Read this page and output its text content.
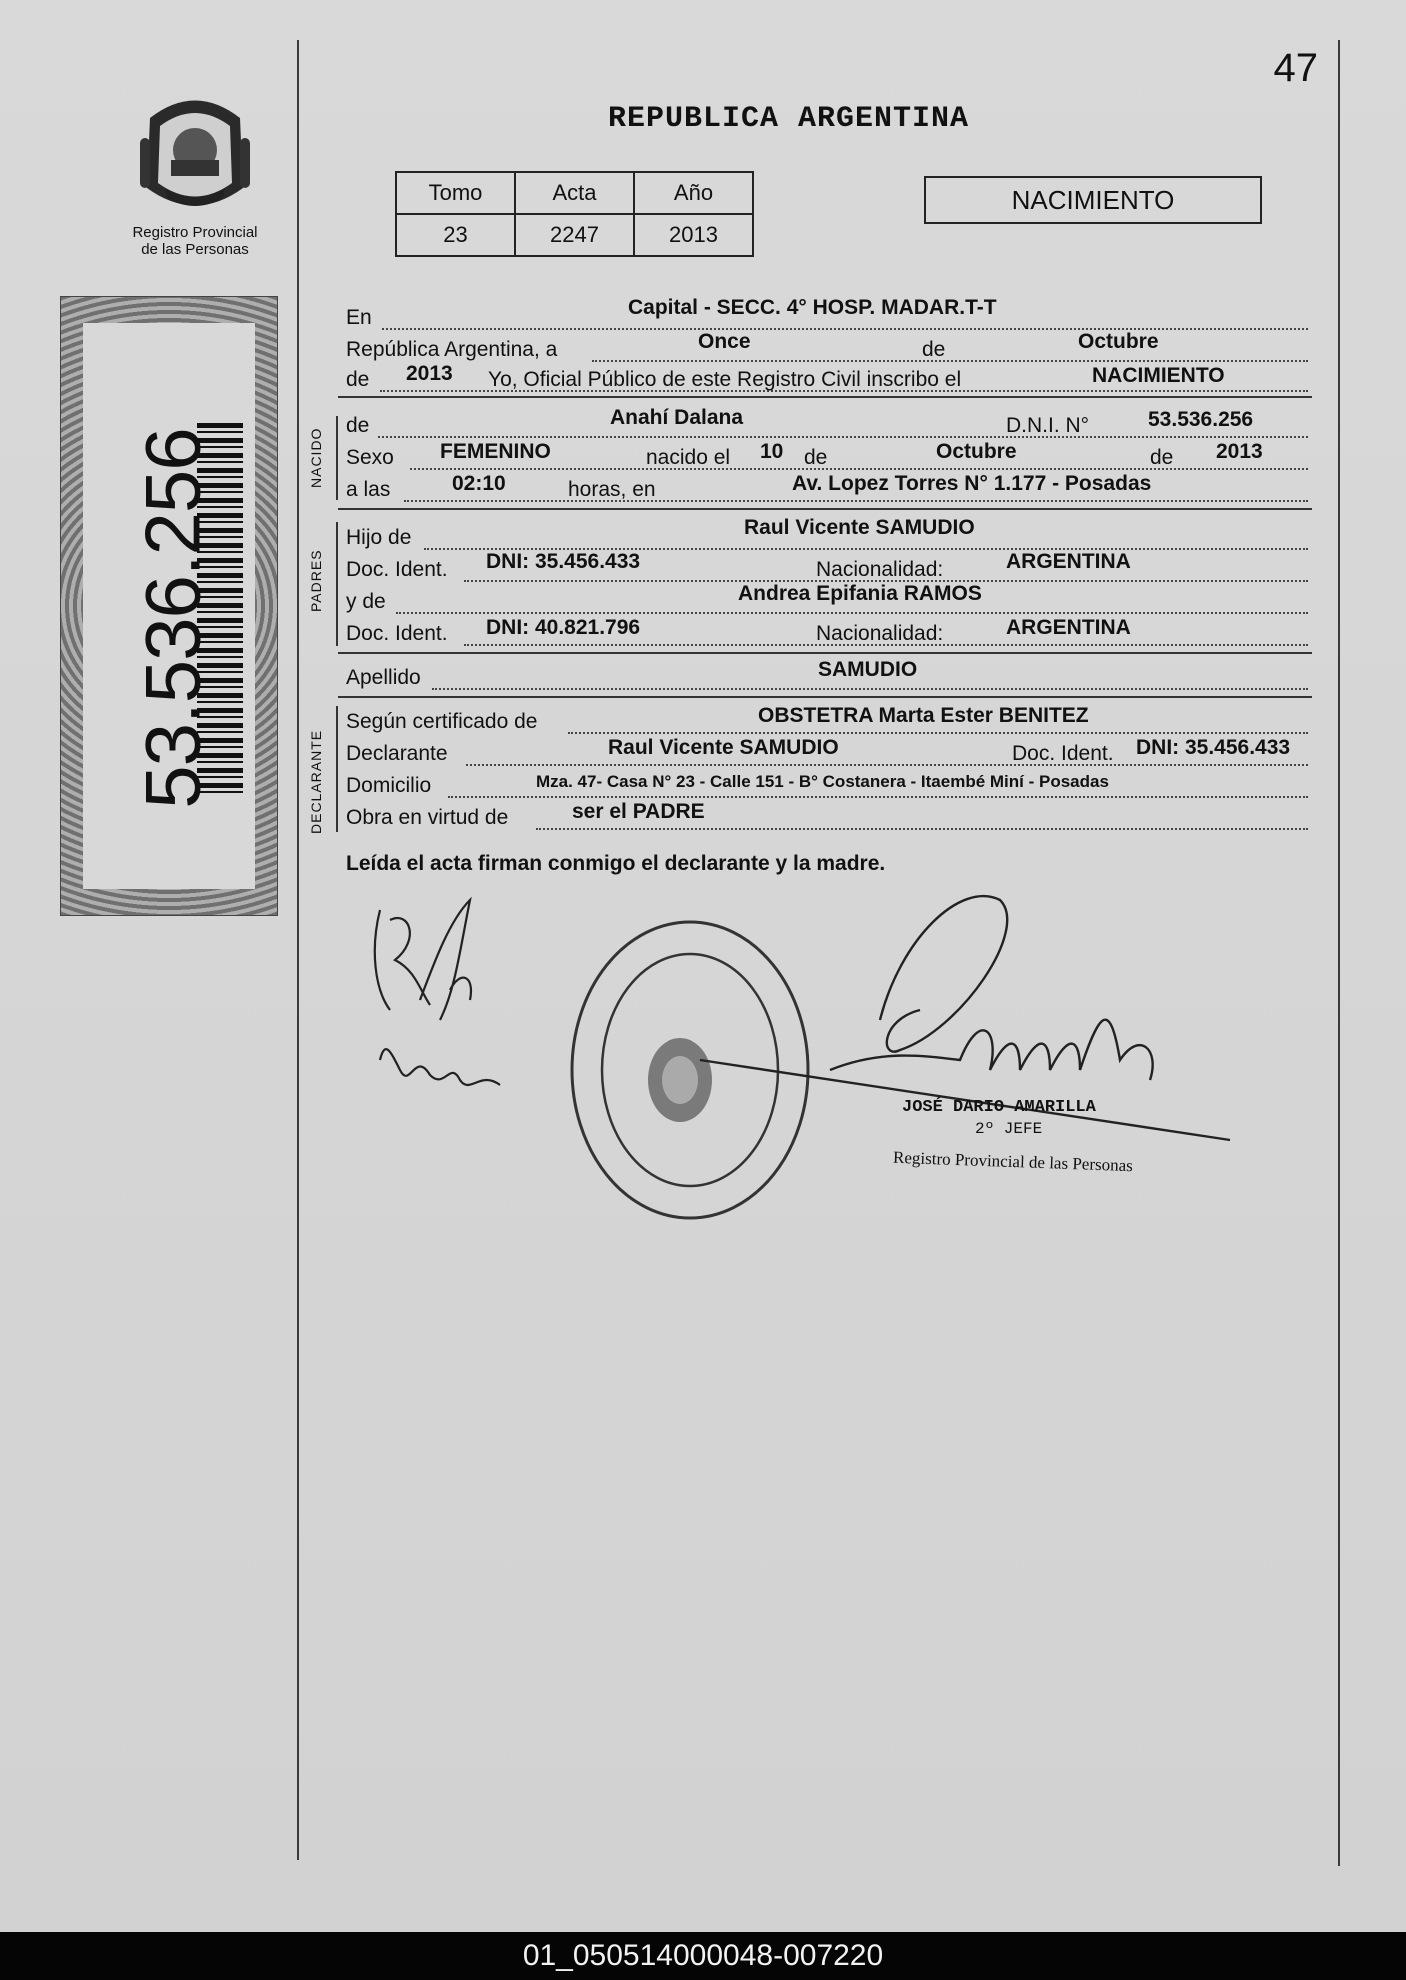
47
REPUBLICA ARGENTINA
Registro Provincial
de las Personas
53.536.256
Tomo	Acta	Año
23	2247	2013
NACIMIENTO
En	Capital - SECC. 4° HOSP. MADAR.T-T
República Argentina, a	Once	de	Octubre
de 2013 Yo, Oficial Público de este Registro Civil inscribo el	NACIMIENTO
NACIDO
de	Anahí Dalana	D.N.I. N°	53.536.256
Sexo FEMENINO	nacido el 10 de	Octubre	de 2013
a las	02:10	horas, en	Av. Lopez Torres N° 1.177 - Posadas
PADRES
Hijo de	Raul Vicente SAMUDIO
Doc. Ident. DNI: 35.456.433	Nacionalidad:	ARGENTINA
y de	Andrea Epifania RAMOS
Doc. Ident. DNI: 40.821.796	Nacionalidad:	ARGENTINA
Apellido	SAMUDIO
DECLARANTE
Según certificado de	OBSTETRA Marta Ester BENITEZ
Declarante	Raul Vicente SAMUDIO	Doc. Ident. DNI: 35.456.433
Domicilio	Mza. 47- Casa N° 23 - Calle 151 - B° Costanera - Itaembé Miní - Posadas
Obra en virtud de	ser el PADRE
Leída el acta firman conmigo el declarante y la madre.
JOSÉ DARIO AMARILLA
2º JEFE
Registro Provincial de las Personas
01_050514000048-007220
